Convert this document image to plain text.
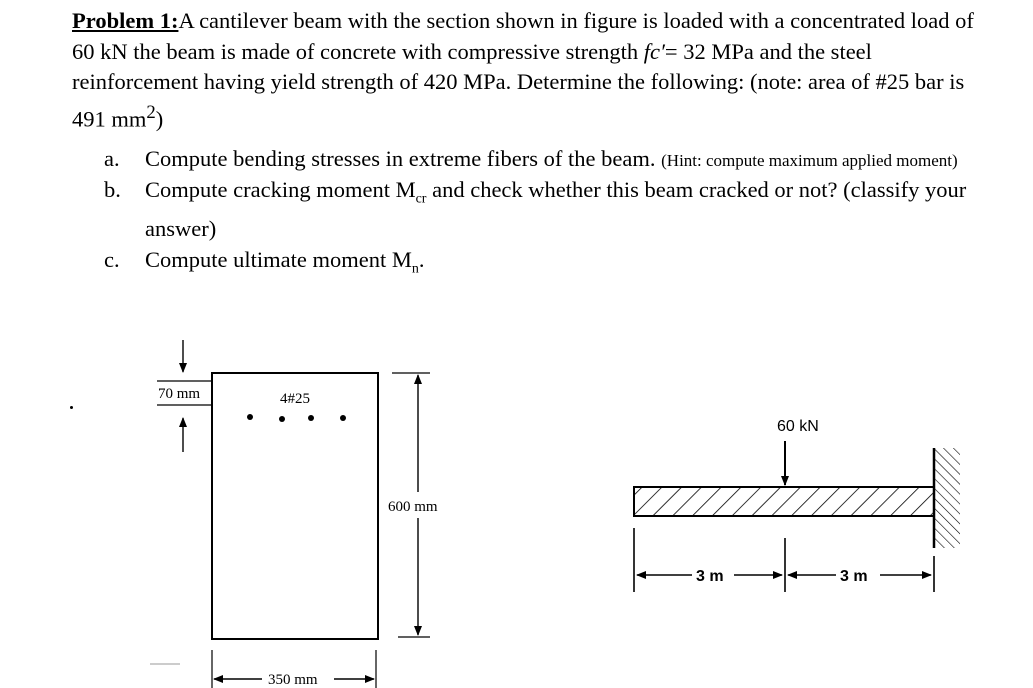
Problem 1:A cantilever beam with the section shown in figure is loaded with a concentrated load of 60 kN the beam is made of concrete with compressive strength fc′= 32 MPa and the steel reinforcement having yield strength of 420 MPa. Determine the following: (note: area of #25 bar is 491 $mm^2$)
a.	Compute bending stresses in extreme fibers of the beam. (Hint: compute maximum applied moment)
b.	Compute cracking moment $M_{cr}$ and check whether this beam cracked or not? (classify your answer)
c.	Compute ultimate moment $M_n$.
4#25
70 mm
600 mm
350 mm
60 kN
3 m	3 m
